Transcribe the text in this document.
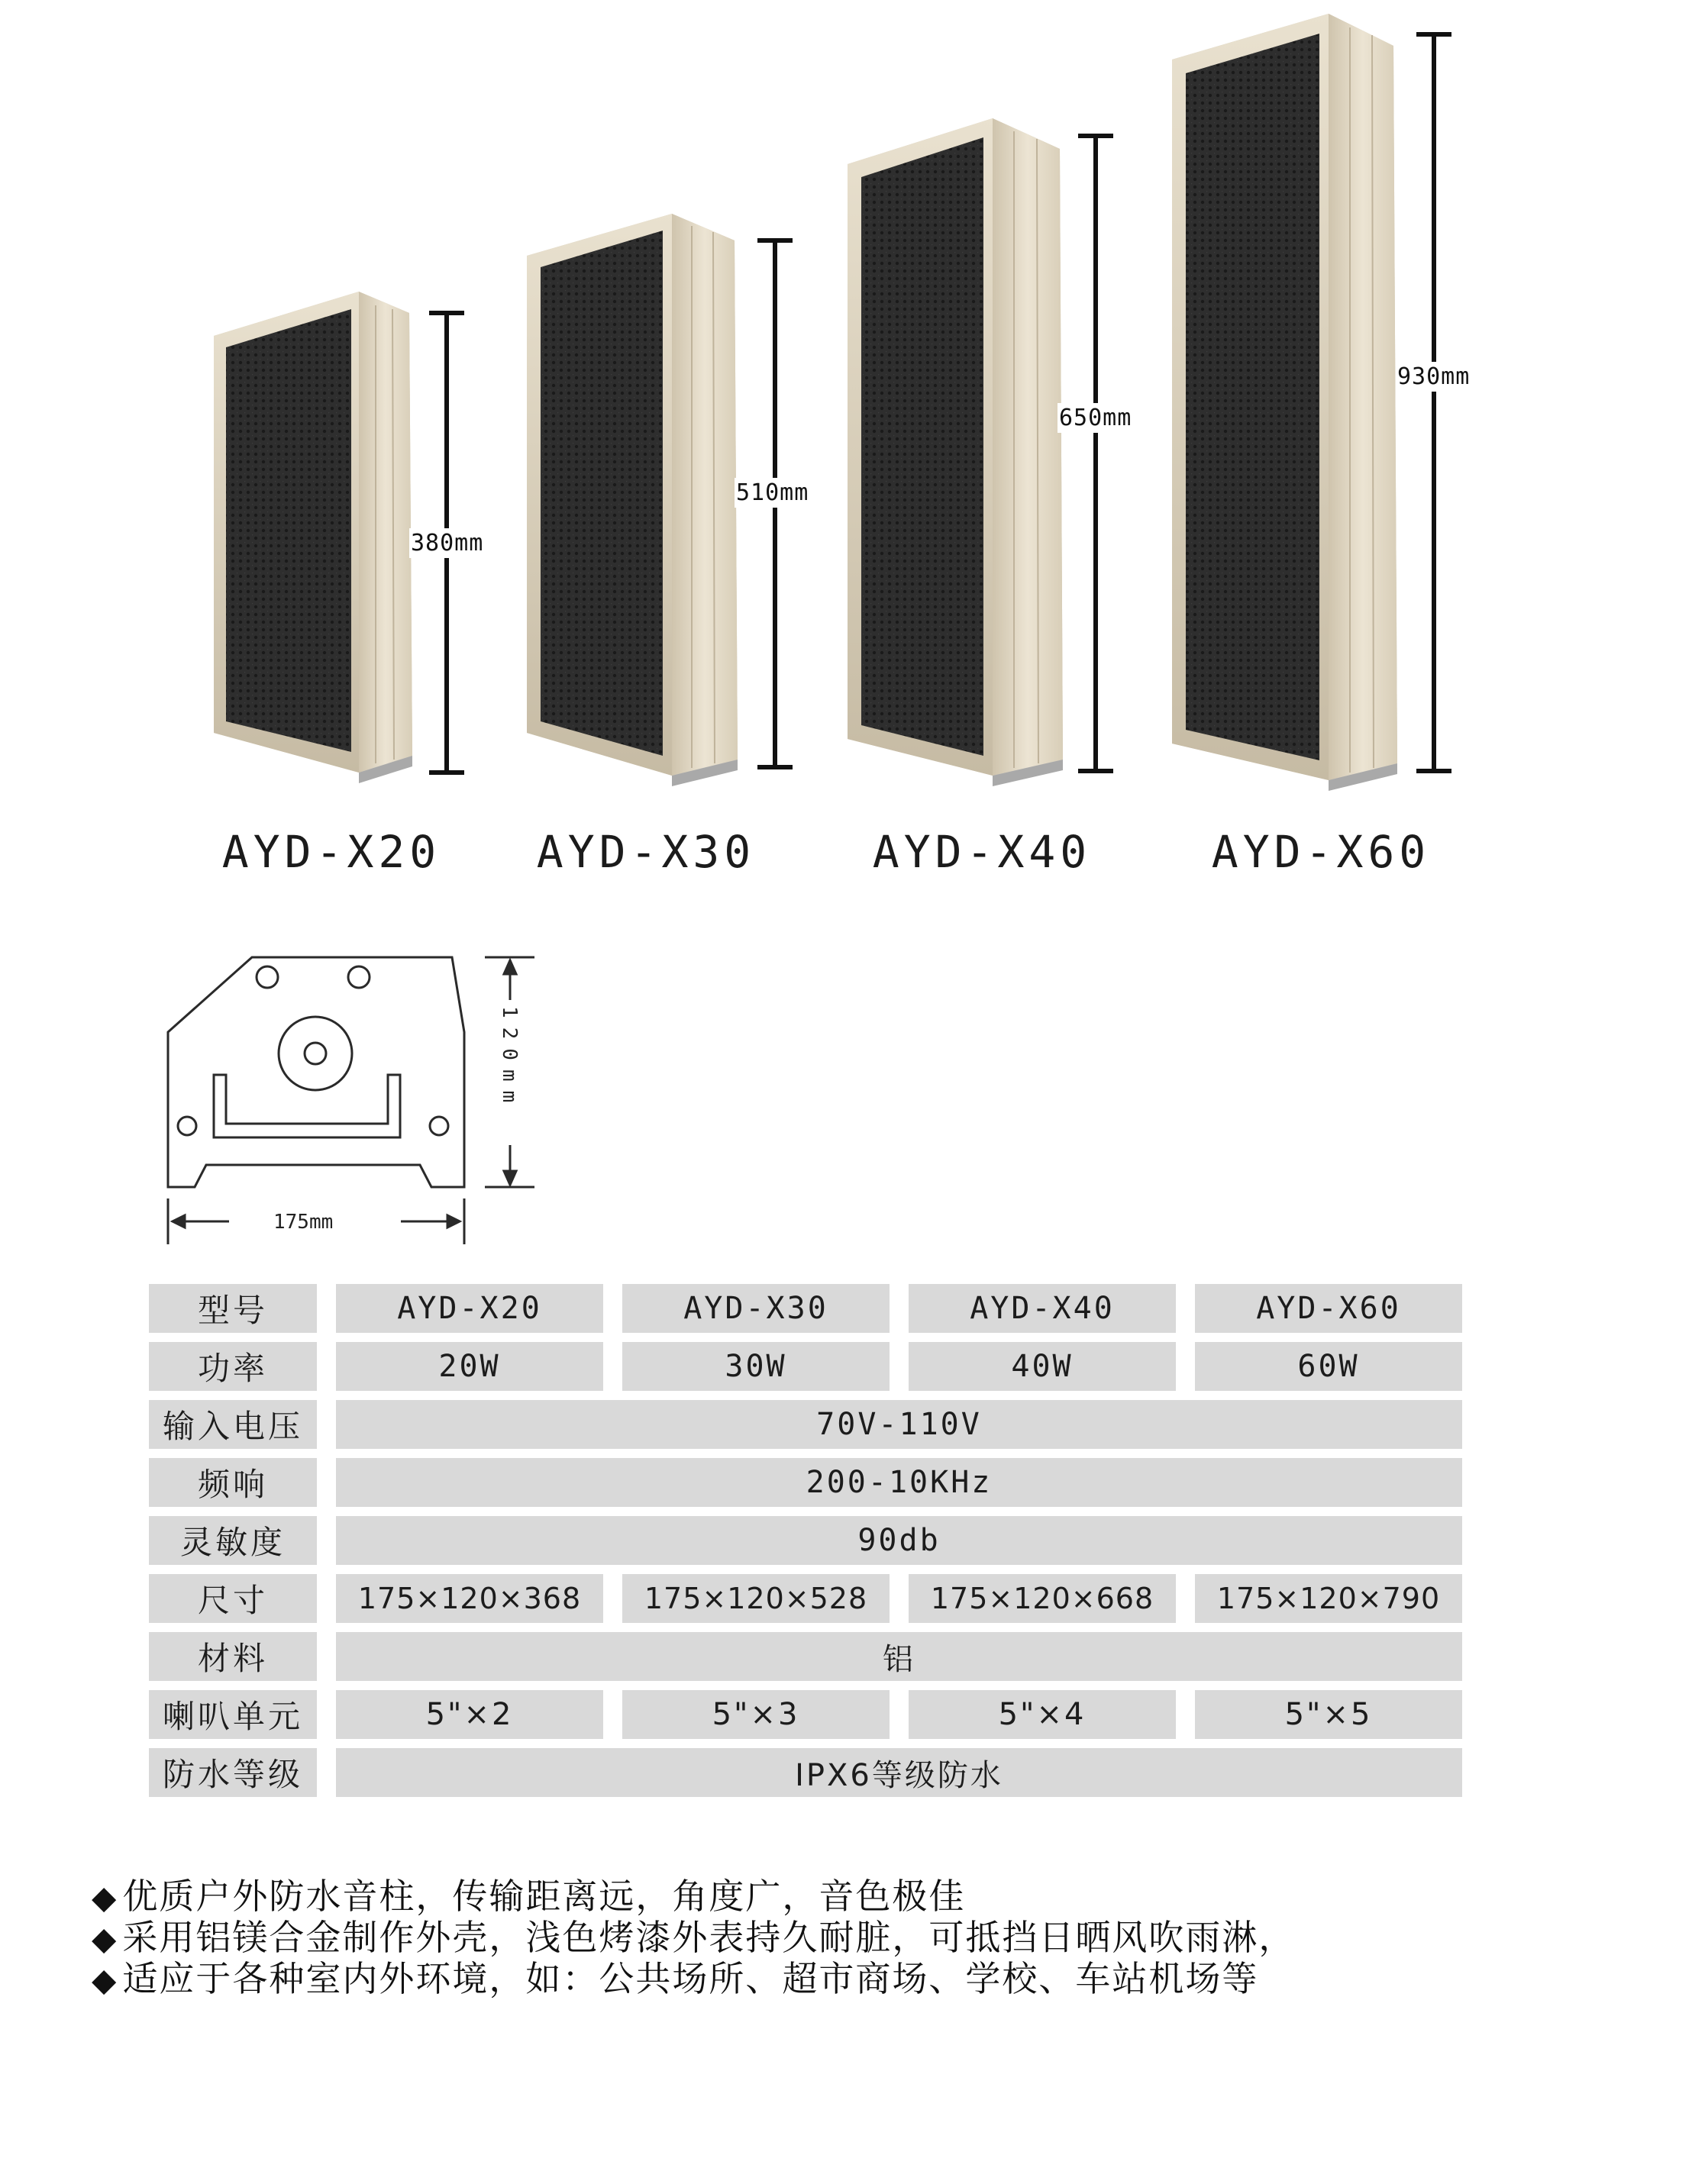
380mm
510mm
650mm
930mm
AYD-X20	AYD-X30	AYD-X40	AYD-X60
175mm
120mm
型号	AYD-X20	AYD-X30	AYD-X40	AYD-X60
功率	20W	30W	40W	60W
输入电压	70V-110V
频响	200-10KHz
灵敏度	90db
尺寸	175×120×368	175×120×528	175×120×668	175×120×790
材料	铝
喇叭单元	5"×2	5"×3	5"×4	5"×5
防水等级	IPX6等级防水
◆ 优质户外防水音柱，传输距离远，角度广，音色极佳
◆ 采用铝镁合金制作外壳，浅色烤漆外表持久耐脏，可抵挡日晒风吹雨淋，
◆ 适应于各种室内外环境，如：公共场所、超市商场、学校、车站机场等
